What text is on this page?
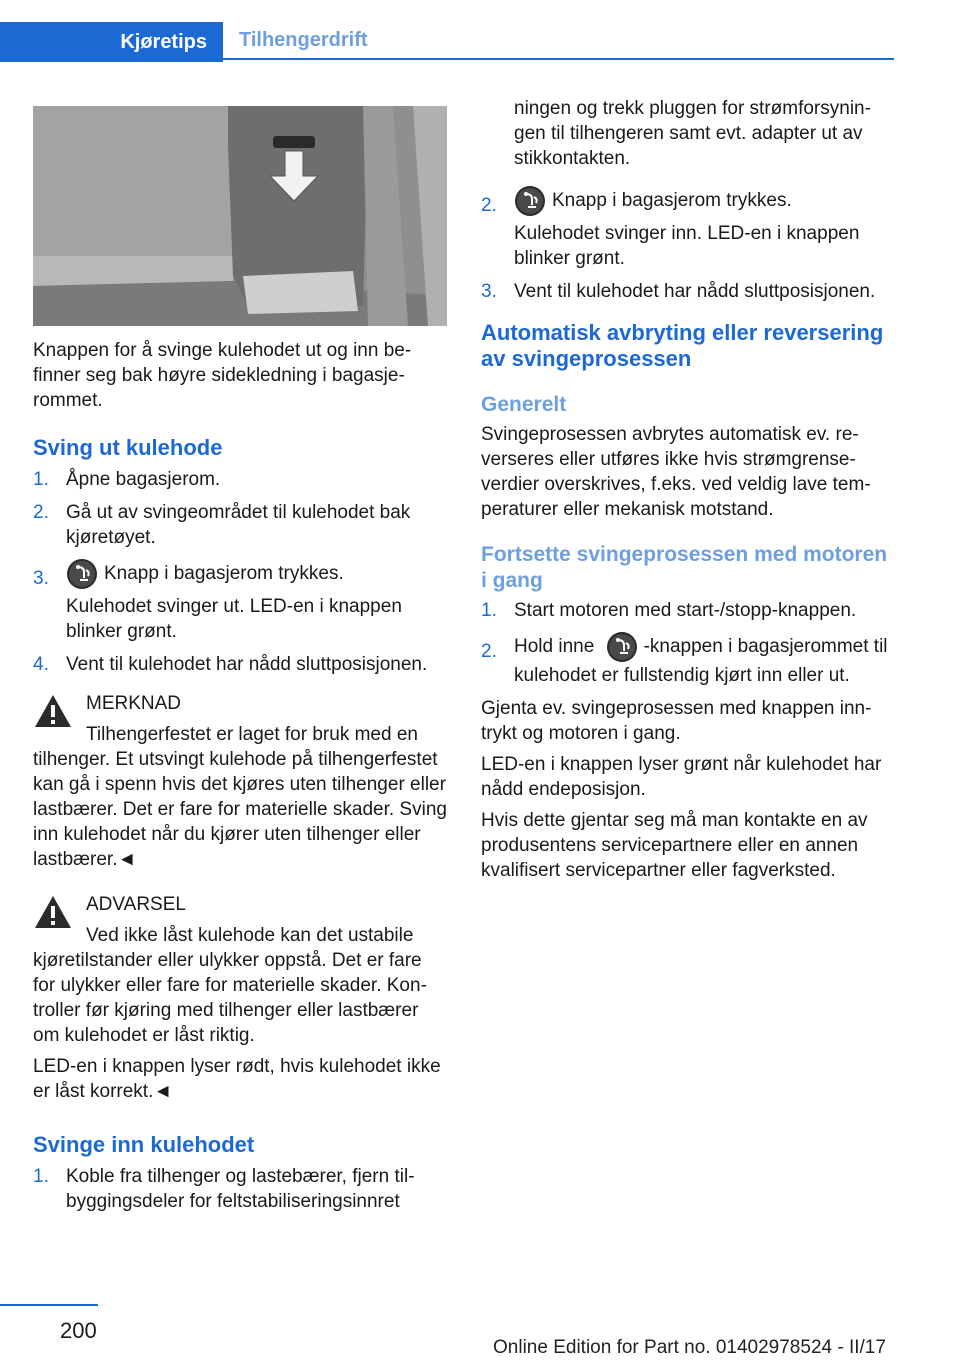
Kjøretips	Tilhengerdrift

Knappen for å svinge kulehodet ut og inn befinner seg bak høyre sidekledning i bagasjerommet.

Sving ut kulehode
1. Åpne bagasjerom.
2. Gå ut av svingeområdet til kulehodet bak kjøretøyet.
3.	Knapp i bagasjerom trykkes.
Kulehodet svinger ut. LED-en i knappen blinker grønt.
4. Vent til kulehodet har nådd sluttposisjonen.
MERKNAD
Tilhengerfestet er laget for bruk med en
tilhenger. Et utsvingt kulehode på tilhengerfestet kan gå i spenn hvis det kjøres uten tilhenger eller lastbærer. Det er fare for materielle skader. Sving inn kulehodet når du kjører uten tilhenger eller lastbærer.◄
ADVARSEL
Ved ikke låst kulehode kan det ustabile
kjøretilstander eller ulykker oppstå. Det er fare for ulykker eller fare for materielle skader. Kontroller før kjøring med tilhenger eller lastbærer om kulehodet er låst riktig.
LED-en i knappen lyser rødt, hvis kulehodet ikke er låst korrekt.◄
Svinge inn kulehodet
1. Koble fra tilhenger og lastebærer, fjern tilbyggingsdeler for feltstabiliseringsinnret
ningen og trekk pluggen for strømforsyningen til tilhengeren samt evt. adapter ut av stikkontakten.
2.	Knapp i bagasjerom trykkes.
Kulehodet svinger inn. LED-en i knappen blinker grønt.
3. Vent til kulehodet har nådd sluttposisjonen.
Automatisk avbryting eller reversering av svingeprosessen
Generelt

Svingeprosessen avbrytes automatisk ev. reverseres eller utføres ikke hvis strømgrenseverdier overskrives, f.eks. ved veldig lave temperaturer eller mekanisk motstand.

Fortsette svingeprosessen med motoren i gang
1. Start motoren med start-/stopp-knappen.
2. Hold inne	-knappen i bagasjerommet til kulehodet er fullstendig kjørt inn eller ut.

Gjenta ev. svingeprosessen med knappen inntrykt og motoren i gang.

LED-en i knappen lyser grønt når kulehodet har nådd endeposisjon.

Hvis dette gjentar seg må man kontakte en av produsentens servicepartnere eller en annen kvalifisert servicepartner eller fagverksted.

200
Online Edition for Part no. 01402978524 - II/17
